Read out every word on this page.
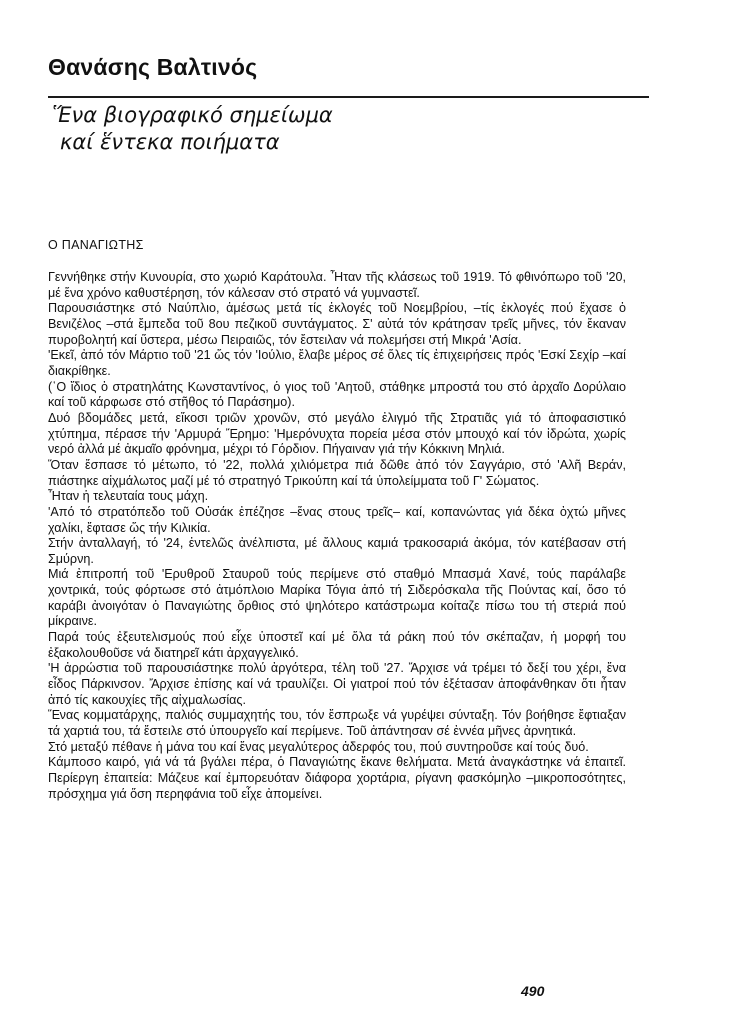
Θανάσης Βαλτινός
Ἕνα βιογραφικό σημείωμα
καί ἕντεκα ποιήματα
Ο ΠΑΝΑΓΙΩΤΗΣ

Γεννήθηκε στήν Κυνουρία, στο χωριό Καράτουλα. Ἦταν τῆς κλάσεως τοῦ 1919. Τό φθινόπωρο τοῦ '20, μέ ἕνα χρόνο καθυστέρηση, τόν κάλεσαν στό στρατό νά γυμναστεῖ.

Παρουσιάστηκε στό Ναύπλιο, ἀμέσως μετά τίς ἐκλογές τοῦ Νοεμβρίου, –τίς ἐκλογές πού ἔχασε ὁ Βενιζέλος –στά ἔμπεδα τοῦ 8ου πεζικοῦ συντάγματος. Σ' αὐτά τόν κράτησαν τρεῖς μῆνες, τόν ἔκαναν πυροβολητή καί ὕστερα, μέσω Πειραιῶς, τόν ἔστειλαν νά πολεμήσει στή Μικρά 'Ασία.

'Εκεῖ, ἀπό τόν Μάρτιο τοῦ '21 ὥς τόν 'Ιούλιο, ἔλαβε μέρος σέ ὅλες τίς ἐπιχειρήσεις πρός 'Εσκί Σεχίρ –καί διακρίθηκε.

(῾Ο ἴδιος ὁ στρατηλάτης Κωνσταντίνος, ὁ γιος τοῦ 'Αητοῦ, στάθηκε μπροστά του στό ἀρχαῖο Δορύλαιο καί τοῦ κάρφωσε στό στῆθος τό Παράσημο).

Δυό βδομάδες μετά, εἴκοσι τριῶν χρονῶν, στό μεγάλο ἐλιγμό τῆς Στρατιᾶς γιά τό ἀποφασιστικό χτύπημα, πέρασε τήν 'Αρμυρά Ἔρημο: 'Ημερόνυχτα πορεία μέσα στόν μπουχό καί τόν ἱδρώτα, χωρίς νερό ἀλλά μέ ἀκμαῖο φρόνημα, μέχρι τό Γόρδιον. Πήγαιναν γιά τήν Κόκκινη Μηλιά.

Ὅταν ἔσπασε τό μέτωπο, τό '22, πολλά χιλιόμετρα πιά δῶθε ἀπό τόν Σαγγάριο, στό 'Αλῆ Βεράν, πιάστηκε αἰχμάλωτος μαζί μέ τό στρατηγό Τρικούπη καί τά ὑπολείμματα τοῦ Γ' Σώματος.

Ἦταν ἡ τελευταία τους μάχη.

'Από τό στρατόπεδο τοῦ Οὐσάκ ἐπέζησε –ἕνας στους τρεῖς– καί, κοπανώντας γιά δέκα ὀχτώ μῆνες χαλίκι, ἔφτασε ὥς τήν Κιλικία.

Στήν ἀνταλλαγή, τό '24, ἐντελῶς ἀνέλπιστα, μέ ἄλλους καμιά τρακοσαριά ἀκόμα, τόν κατέβασαν στή Σμύρνη.

Μιά ἐπιτροπή τοῦ 'Ερυθροῦ Σταυροῦ τούς περίμενε στό σταθμό Μπασμά Χανέ, τούς παράλαβε χοντρικά, τούς φόρτωσε στό ἀτμόπλοιο Μαρίκα Τόγια ἀπό τή Σιδερόσκαλα τῆς Πούντας καί, ὅσο τό καράβι ἀνοιγόταν ὁ Παναγιώτης ὄρθιος στό ψηλότερο κατάστρωμα κοίταζε πίσω του τή στεριά πού μίκραινε.

Παρά τούς ἐξευτελισμούς πού εἶχε ὑποστεῖ καί μέ ὅλα τά ράκη πού τόν σκέπαζαν, ἡ μορφή του ἐξακολουθοῦσε νά διατηρεῖ κάτι ἀρχαγγελικό.

'Η ἀρρώστια τοῦ παρουσιάστηκε πολύ ἀργότερα, τέλη τοῦ '27. Ἄρχισε νά τρέμει τό δεξί του χέρι, ἕνα εἶδος Πάρκινσον. Ἄρχισε ἐπίσης καί νά τραυλίζει. Οἱ γιατροί πού τόν ἐξέτασαν ἀποφάνθηκαν ὅτι ἦταν ἀπό τίς κακουχίες τῆς αἰχμαλωσίας.

Ἕνας κομματάρχης, παλιός συμμαχητής του, τόν ἔσπρωξε νά γυρέψει σύνταξη. Τόν βοήθησε ἔφτιαξαν τά χαρτιά του, τά ἔστειλε στό ὑπουργεῖο καί περίμενε. Τοῦ ἀπάντησαν σέ ἐννέα μῆνες ἀρνητικά.

Στό μεταξύ πέθανε ἡ μάνα του καί ἕνας μεγαλύτερος ἀδερφός του, πού συντηροῦσε καί τούς δυό.

Κάμποσο καιρό, γιά νά τά βγάλει πέρα, ὁ Παναγιώτης ἔκανε θελήματα. Μετά ἀναγκάστηκε νά ἐπαιτεῖ. Περίεργη ἐπαιτεία: Μάζευε καί ἐμπορευόταν διάφορα χορτάρια, ρίγανη φασκόμηλο –μικροποσότητες, πρόσχημα γιά ὅση περηφάνια τοῦ εἶχε ἀπομείνει.

490
